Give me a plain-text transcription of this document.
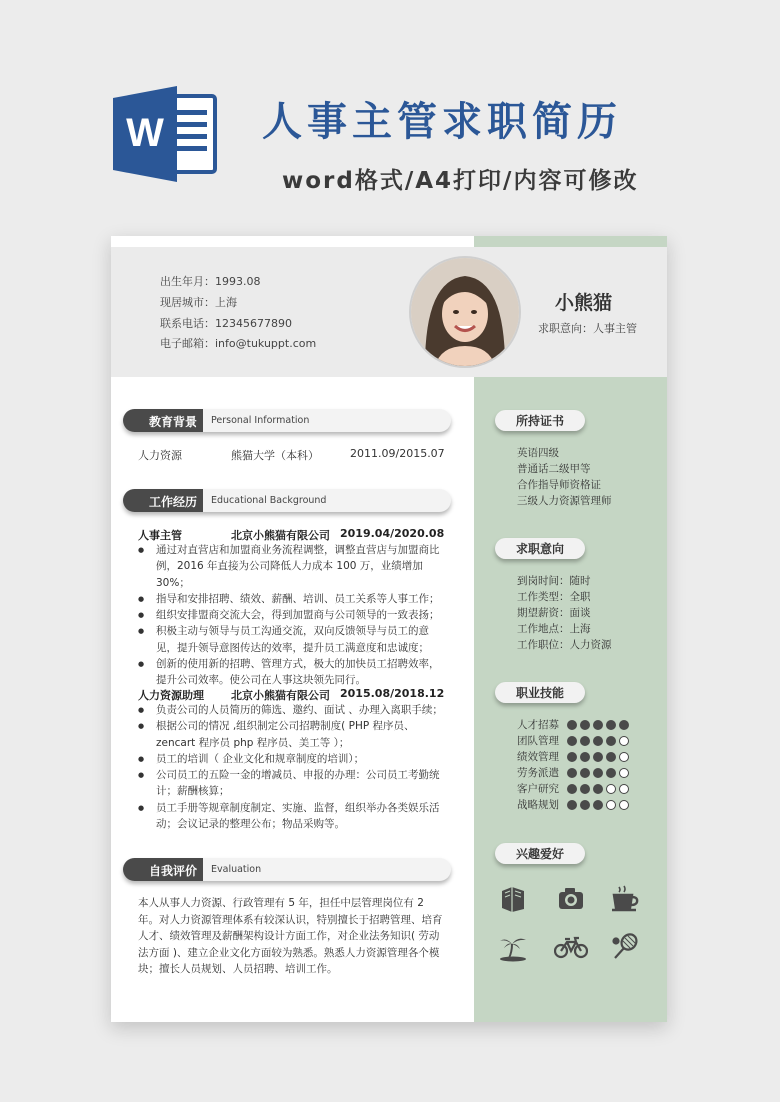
W 人事主管求职简历
word格式/A4打印/内容可修改
出生年月：1993.08
现居城市：上海
联系电话：12345677890
电子邮箱：info@tukuppt.com
小熊猫
求职意向：人事主管
教育背景 Personal Information
人力资源	熊猫大学（本科）	2011.09/2015.07
工作经历 Educational Background
人事主管	北京小熊猫有限公司 2019.04/2020.08
● 通过对直营店和加盟商业务流程调整，调整直营店与加盟商比例，2016 年直接为公司降低人力成本 100 万，业绩增加 30%；
● 指导和安排招聘、绩效、薪酬、培训、员工关系等人事工作；
● 组织安排盟商交流大会，得到加盟商与公司领导的一致表扬；
● 积极主动与领导与员工沟通交流，双向反馈领导与员工的意见，提升领导意图传达的效率，提升员工满意度和忠诚度；
● 创新的使用新的招聘、管理方式，极大的加快员工招聘效率，提升公司效率。使公司在人事这块领先同行。
人力资源助理 北京小熊猫有限公司 2015.08/2018.12
● 负责公司的人员简历的筛选、邀约、面试 、办理入离职手续；
● 根据公司的情况 ,组织制定公司招聘制度( PHP 程序员、zencart 程序员 php 程序员、美工等 ）；
● 员工的培训（ 企业文化和规章制度的培训）；
● 公司员工的五险一金的增减员、申报的办理：公司员工考勤统计；薪酬核算；
● 员工手册等规章制度制定、实施、监督，组织举办各类娱乐活动；会议记录的整理公布；物品采购等。
自我评价 Evaluation
本人从事人力资源、行政管理有 5 年，担任中层管理岗位有 2 年。对人力资源管理体系有较深认识，特别擅长于招聘管理、培育人才、绩效管理及薪酬架构设计方面工作，对企业法务知识( 劳动法方面 )、建立企业文化方面较为熟悉。熟悉人力资源管理各个模块；擅长人员规划、人员招聘、培训工作。
所持证书
英语四级
普通话二级甲等
合作指导师资格证
三级人力资源管理师
求职意向
到岗时间：随时
工作类型：全职
期望薪资：面谈
工作地点：上海
工作职位：人力资源
职业技能
人才招募
团队管理
绩效管理
劳务派遣
客户研究
战略规划
兴趣爱好
